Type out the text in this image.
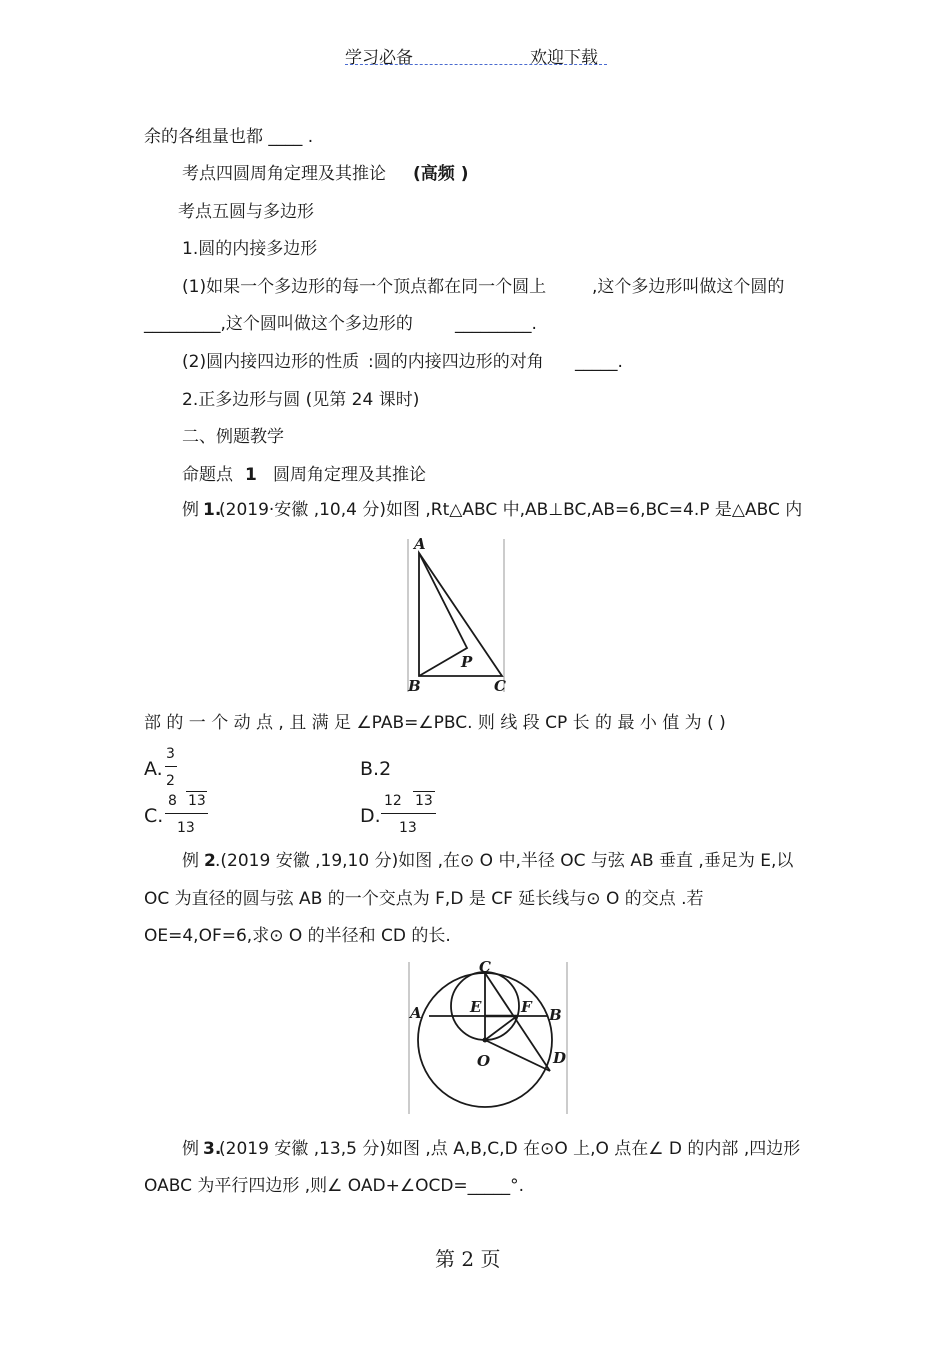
学习必备	欢迎下载
余的各组量也都 ____ .
考点四圆周角定理及其推论 (高频 )
考点五圆与多边形
1.圆的内接多边形
(1)如果一个多边形的每一个顶点都在同一个圆上	,这个多边形叫做这个圆的
_________,这个圆叫做这个多边形的 _________.
(2)圆内接四边形的性质 :圆的内接四边形的对角 _____.
2.正多边形与圆 (见第 24 课时)
二、例题教学
命题点 1 圆周角定理及其推论
例 1.
(2019·安徽 ,10,4 分)如图 ,Rt△ABC 中,AB⊥BC,AB=6,BC=4.P 是△ABC 内
A
B	C
P
部 的 一 个 动 点 , 且 满 足 ∠PAB=∠PBC. 则 线 段 CP 长 的 最 小 值 为 ( )
A.
3
2
B.2
C.
8 13
13
D.
12 13
13
例 2 .(2019 安徽 ,19,10 分)如图 ,在⊙ O 中,半径 OC 与弦 AB 垂直 ,垂足为 E,以
OC 为直径的圆与弦 AB 的一个交点为 F,D 是 CF 延长线与⊙ O 的交点 .若
OE=4,OF=6,求⊙ O 的半径和 CD 的长.
C
A	B
E	F
O	D
例 3.
(2019 安徽 ,13,5 分)如图 ,点 A,B,C,D 在⊙O 上,O 点在∠ D 的内部 ,四边形
OABC 为平行四边形 ,则∠ OAD+∠OCD=_____°.
第 2 页
